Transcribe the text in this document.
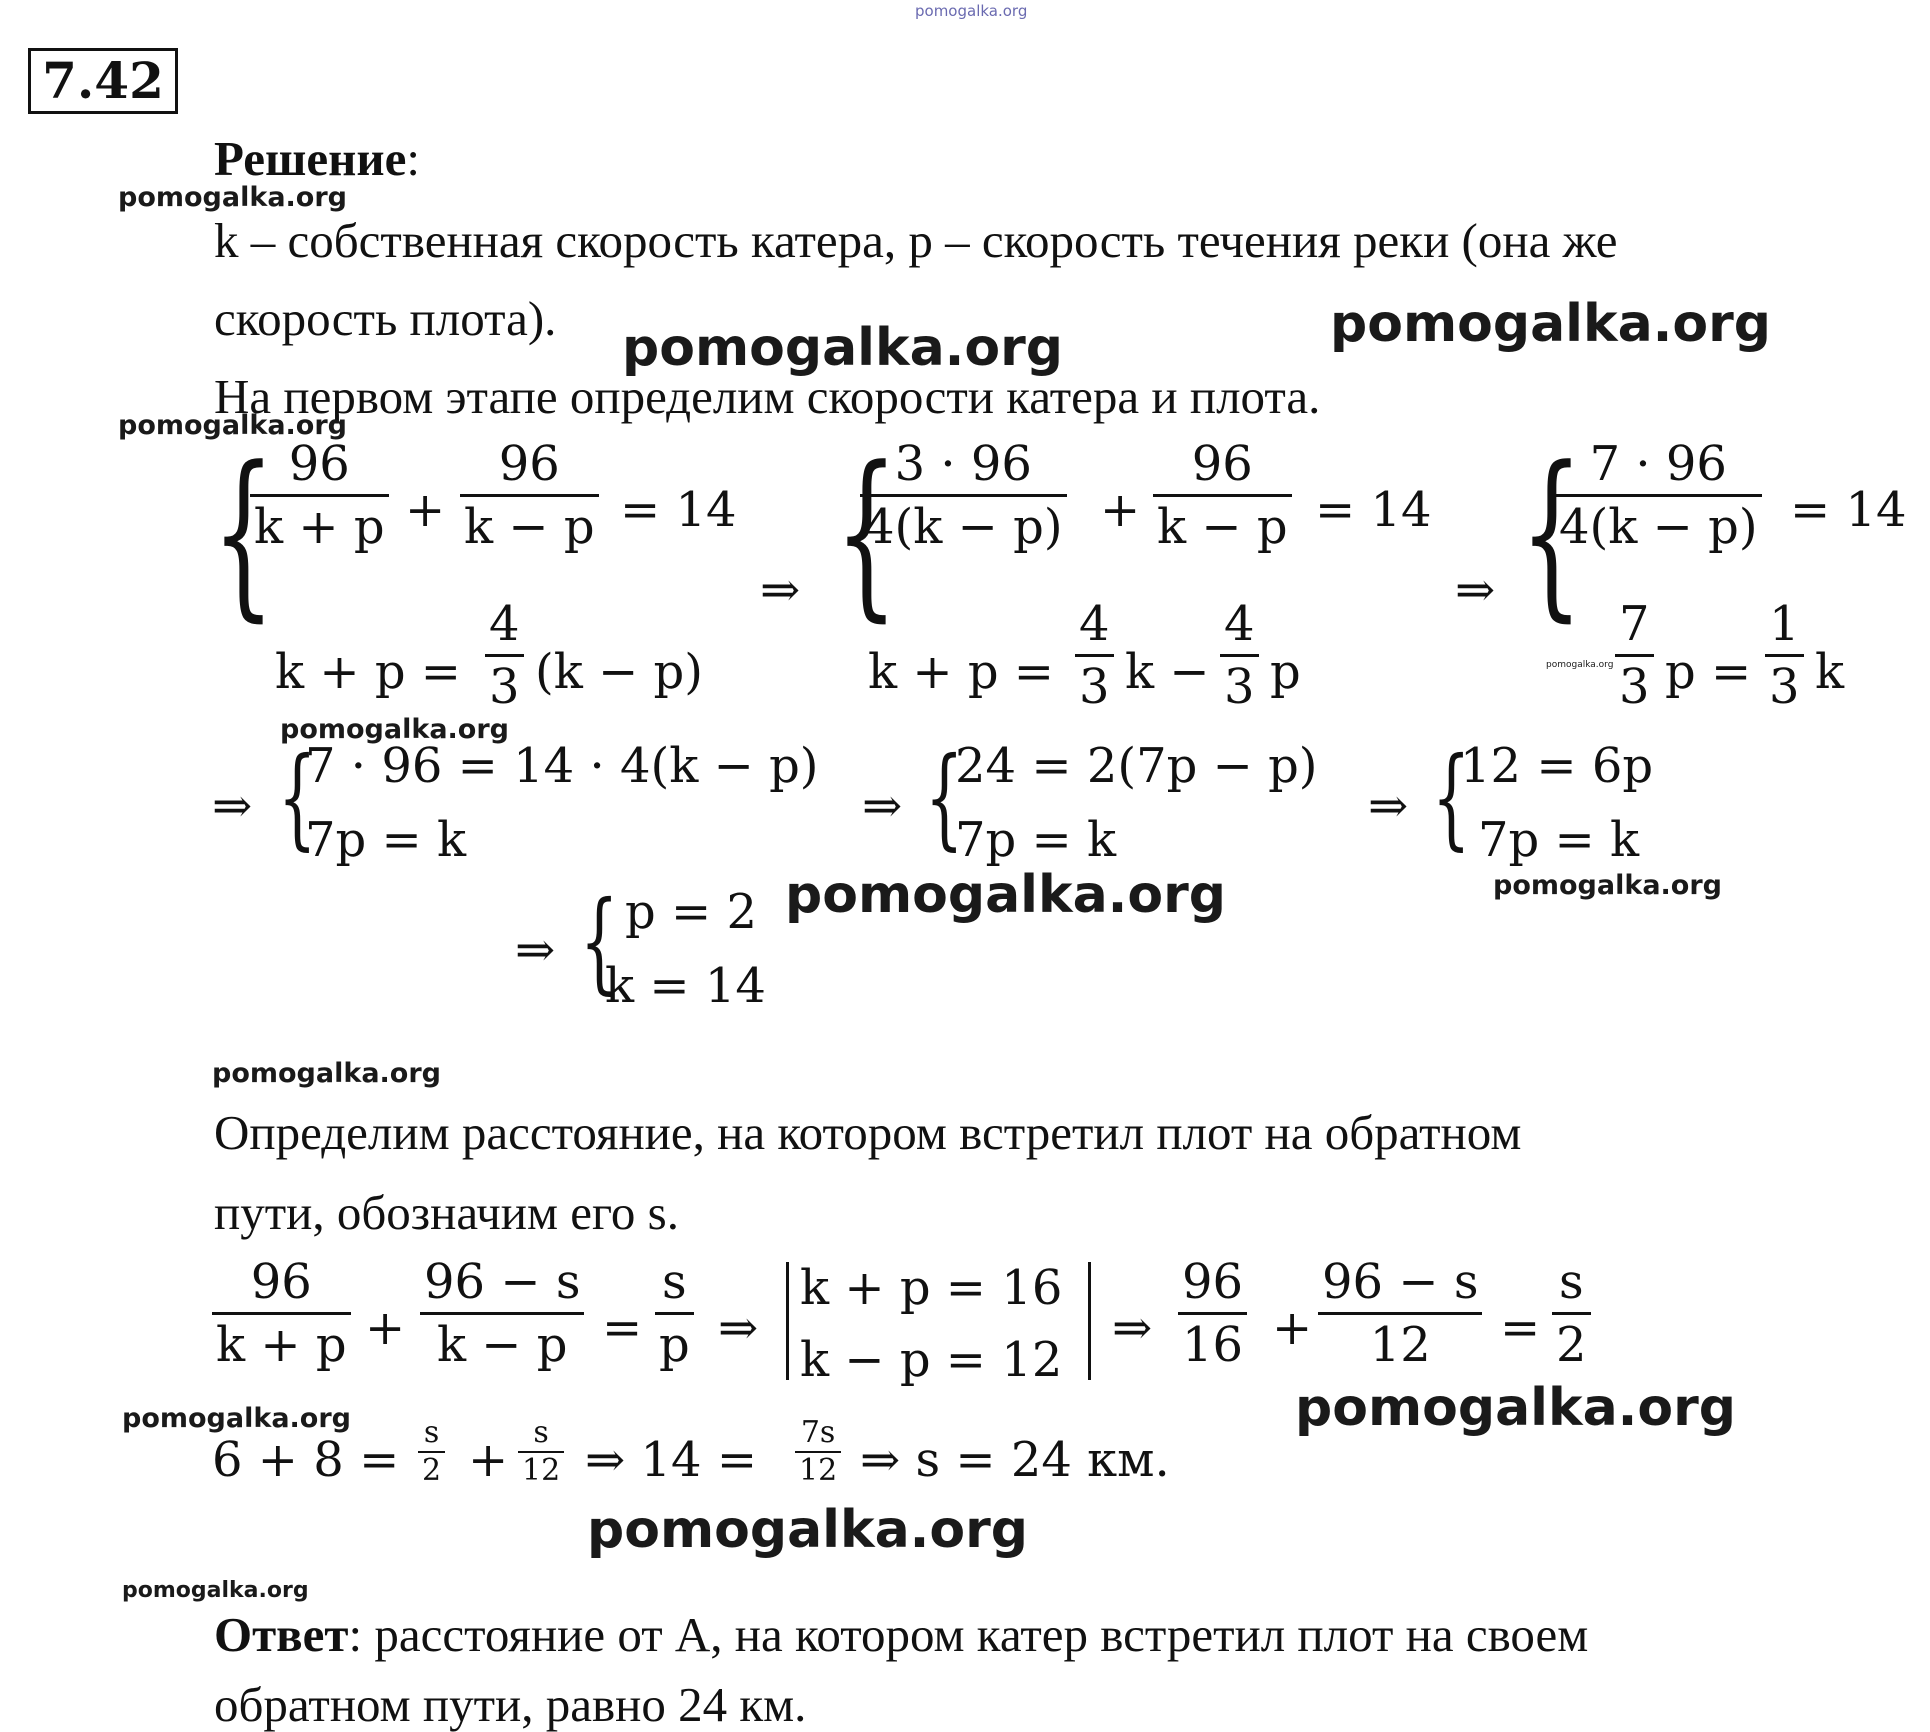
pomogalka.org
pomogalka.org
pomogalka.org	pomogalka.org
pomogalka.org
pomogalka.org
pomogalka.org
pomogalka.org	pomogalka.org
pomogalka.org
pomogalka.org
pomogalka.org
pomogalka.org
pomogalka.org
7.42
Решение:
k – собственная скорость катера, p – скорость течения реки (она же
скорость плота).
На первом этапе определим скорости катера и плота.
{
$\frac{96}{k + p} + \frac{96}{k - p} = 14$
$k + p = \frac{4}{3} (k - p)$
⇒ {
$\frac{3 \cdot 96}{4(k - p)} + \frac{96}{k - p} = 14$
$k + p = \frac{4}{3}$ $k - \frac{4}{3}$ p
⇒ {
$\frac{7 \cdot 96}{4(k - p)} = 14$
$\frac{7}{3}$ $p = \frac{1}{3}$ k
⇒ {
7 · 96 = 14 · 4(k − p)
7p = k
⇒ {
24 = 2(7p − p)
7p = k
⇒ {
12 = 6p
7p = k
⇒ { p = 2
k = 14
Определим расстояние, на котором встретил плот на обратном
пути, обозначим его s.
$\frac{96}{k + p} + \frac{96 - s}{k - p} = \frac{s}{p}$ ⇒
k + p = 16
k − p = 12
⇒ $\frac{96}{16} + \frac{96 - s}{12} = \frac{s}{2}$
$6 + 8 = \frac{s}{2} + \frac{s}{12}$ ⇒ $14 = \frac{7s}{12}$ ⇒ s = 24 км.
Ответ: расстояние от А, на котором катер встретил плот на своем
обратном пути, равно 24 км.
